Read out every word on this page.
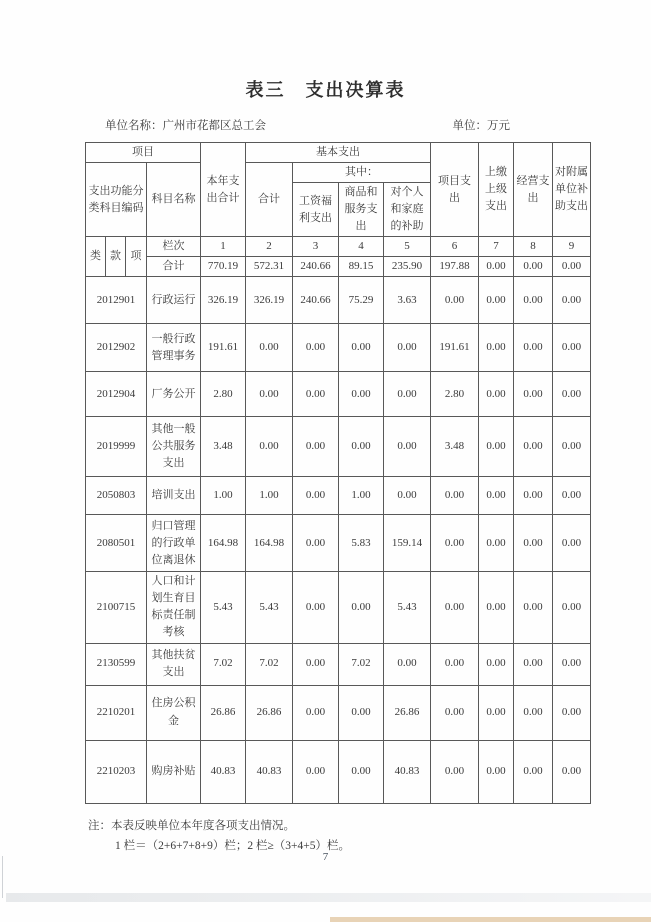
表三　支出决算表
单位名称：广州市花都区总工会	单位：万元
项目				本年支出合计	基本支出				项目支出	上缴上级支出	经营支出	对附属单位补助支出
支出功能分类科目编码			科目名称		合计	其中：						
						工资福利支出	商品和服务支出	对个人和家庭的补助				
类	款	项	栏次	1	2	3	4	5	6	7	8	9
			合计	770.19	572.31	240.66	89.15	235.90	197.88	0.00	0.00	0.00
2012901			行政运行	326.19	326.19	240.66	75.29	3.63	0.00	0.00	0.00	0.00
2012902			一般行政管理事务	191.61	0.00	0.00	0.00	0.00	191.61	0.00	0.00	0.00
2012904			厂务公开	2.80	0.00	0.00	0.00	0.00	2.80	0.00	0.00	0.00
2019999			其他一般公共服务支出	3.48	0.00	0.00	0.00	0.00	3.48	0.00	0.00	0.00
2050803			培训支出	1.00	1.00	0.00	1.00	0.00	0.00	0.00	0.00	0.00
2080501			归口管理的行政单位离退休	164.98	164.98	0.00	5.83	159.14	0.00	0.00	0.00	0.00
2100715			人口和计划生育目标责任制考核	5.43	5.43	0.00	0.00	5.43	0.00	0.00	0.00	0.00
2130599			其他扶贫支出	7.02	7.02	0.00	7.02	0.00	0.00	0.00	0.00	0.00
2210201			住房公积金	26.86	26.86	0.00	0.00	26.86	0.00	0.00	0.00	0.00
2210203			购房补贴	40.83	40.83	0.00	0.00	40.83	0.00	0.00	0.00	0.00
注：本表反映单位本年度各项支出情况。
1 栏＝（2+6+7+8+9）栏；2 栏≥（3+4+5）栏。
7
